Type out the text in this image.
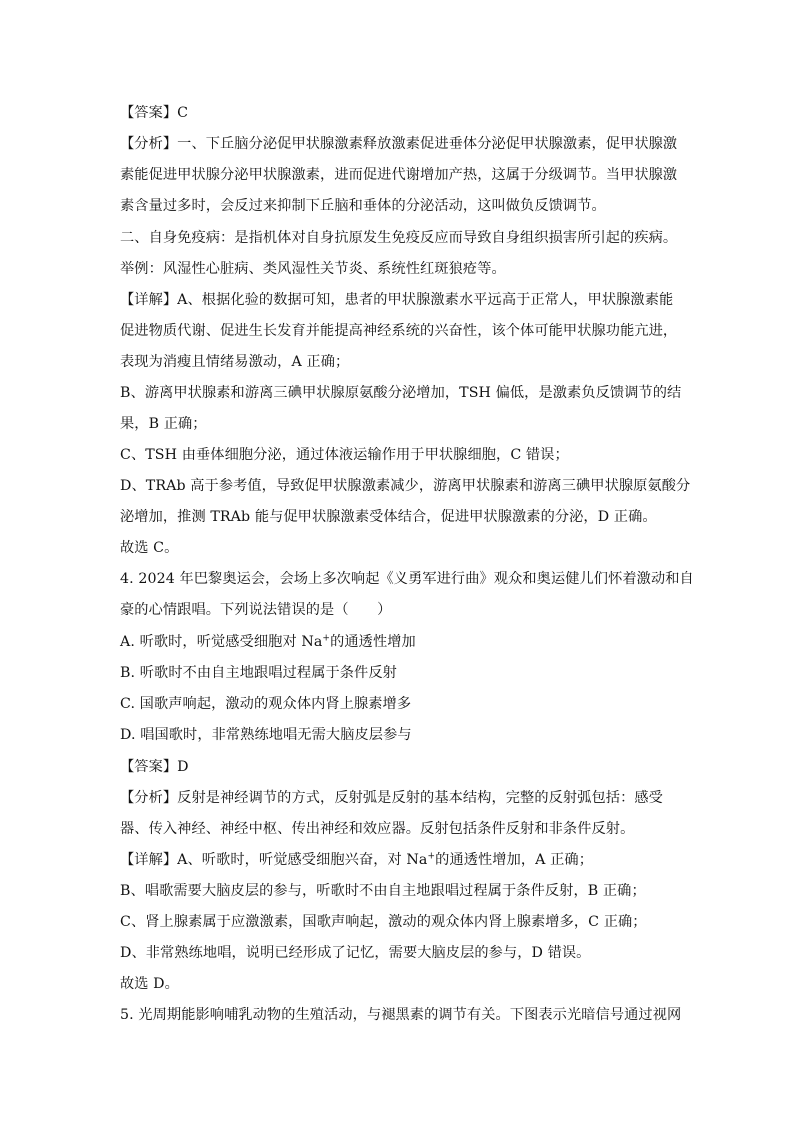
【答案】C
【分析】一、下丘脑分泌促甲状腺激素释放激素促进垂体分泌促甲状腺激素，促甲状腺激
素能促进甲状腺分泌甲状腺激素，进而促进代谢增加产热，这属于分级调节。当甲状腺激
素含量过多时，会反过来抑制下丘脑和垂体的分泌活动，这叫做负反馈调节。
二、自身免疫病：是指机体对自身抗原发生免疫反应而导致自身组织损害所引起的疾病。
举例：风湿性心脏病、类风湿性关节炎、系统性红斑狼疮等。
【详解】A、根据化验的数据可知，患者的甲状腺激素水平远高于正常人，甲状腺激素能
促进物质代谢、促进生长发育并能提高神经系统的兴奋性，该个体可能甲状腺功能亢进，
表现为消瘦且情绪易激动，A 正确；
B、游离甲状腺素和游离三碘甲状腺原氨酸分泌增加，TSH 偏低，是激素负反馈调节的结
果，B 正确；
C、TSH 由垂体细胞分泌，通过体液运输作用于甲状腺细胞，C 错误；
D、TRAb 高于参考值，导致促甲状腺激素减少，游离甲状腺素和游离三碘甲状腺原氨酸分
泌增加，推测 TRAb 能与促甲状腺激素受体结合，促进甲状腺激素的分泌，D 正确。
故选 C。
4. 2024 年巴黎奥运会，会场上多次响起《义勇军进行曲》观众和奥运健儿们怀着激动和自
豪的心情跟唱。下列说法错误的是（　　）
A. 听歌时，听觉感受细胞对 Na+的通透性增加
B. 听歌时不由自主地跟唱过程属于条件反射
C. 国歌声响起，激动的观众体内肾上腺素增多
D. 唱国歌时，非常熟练地唱无需大脑皮层参与
【答案】D
【分析】反射是神经调节的方式，反射弧是反射的基本结构，完整的反射弧包括：感受
器、传入神经、神经中枢、传出神经和效应器。反射包括条件反射和非条件反射。
【详解】A、听歌时，听觉感受细胞兴奋，对 Na+的通透性增加，A 正确；
B、唱歌需要大脑皮层的参与，听歌时不由自主地跟唱过程属于条件反射，B 正确；
C、肾上腺素属于应激激素，国歌声响起，激动的观众体内肾上腺素增多，C 正确；
D、非常熟练地唱，说明已经形成了记忆，需要大脑皮层的参与，D 错误。
故选 D。
5. 光周期能影响哺乳动物的生殖活动，与褪黑素的调节有关。下图表示光暗信号通过视网
